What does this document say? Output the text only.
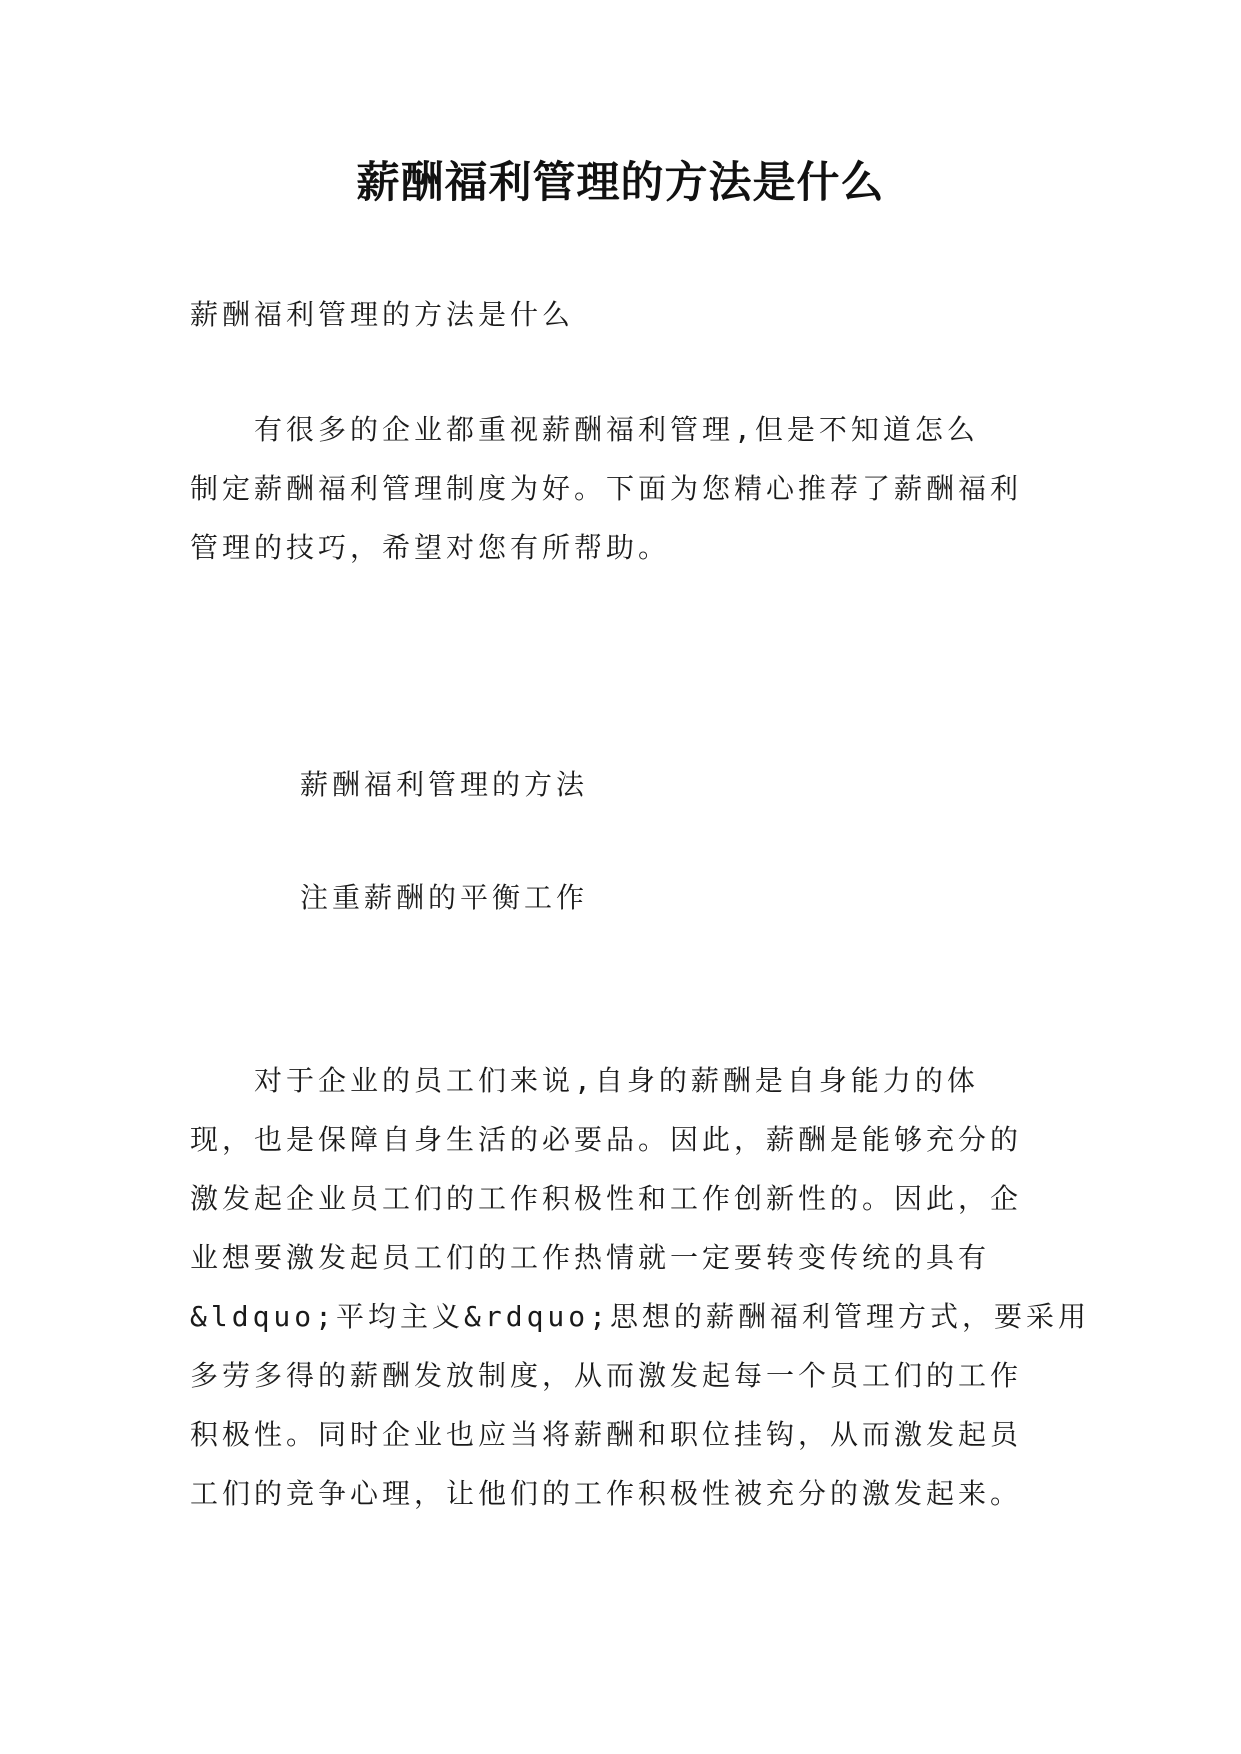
薪酬福利管理的方法是什么

薪酬福利管理的方法是什么

　　有很多的企业都重视薪酬福利管理,但是不知道怎么
制定薪酬福利管理制度为好。下面为您精心推荐了薪酬福利
管理的技巧，希望对您有所帮助。

薪酬福利管理的方法

注重薪酬的平衡工作

　　对于企业的员工们来说,自身的薪酬是自身能力的体
现，也是保障自身生活的必要品。因此，薪酬是能够充分的
激发起企业员工们的工作积极性和工作创新性的。因此，企
业想要激发起员工们的工作热情就一定要转变传统的具有
&ldquo;平均主义&rdquo;思想的薪酬福利管理方式，要采用
多劳多得的薪酬发放制度，从而激发起每一个员工们的工作
积极性。同时企业也应当将薪酬和职位挂钩，从而激发起员
工们的竞争心理，让他们的工作积极性被充分的激发起来。
